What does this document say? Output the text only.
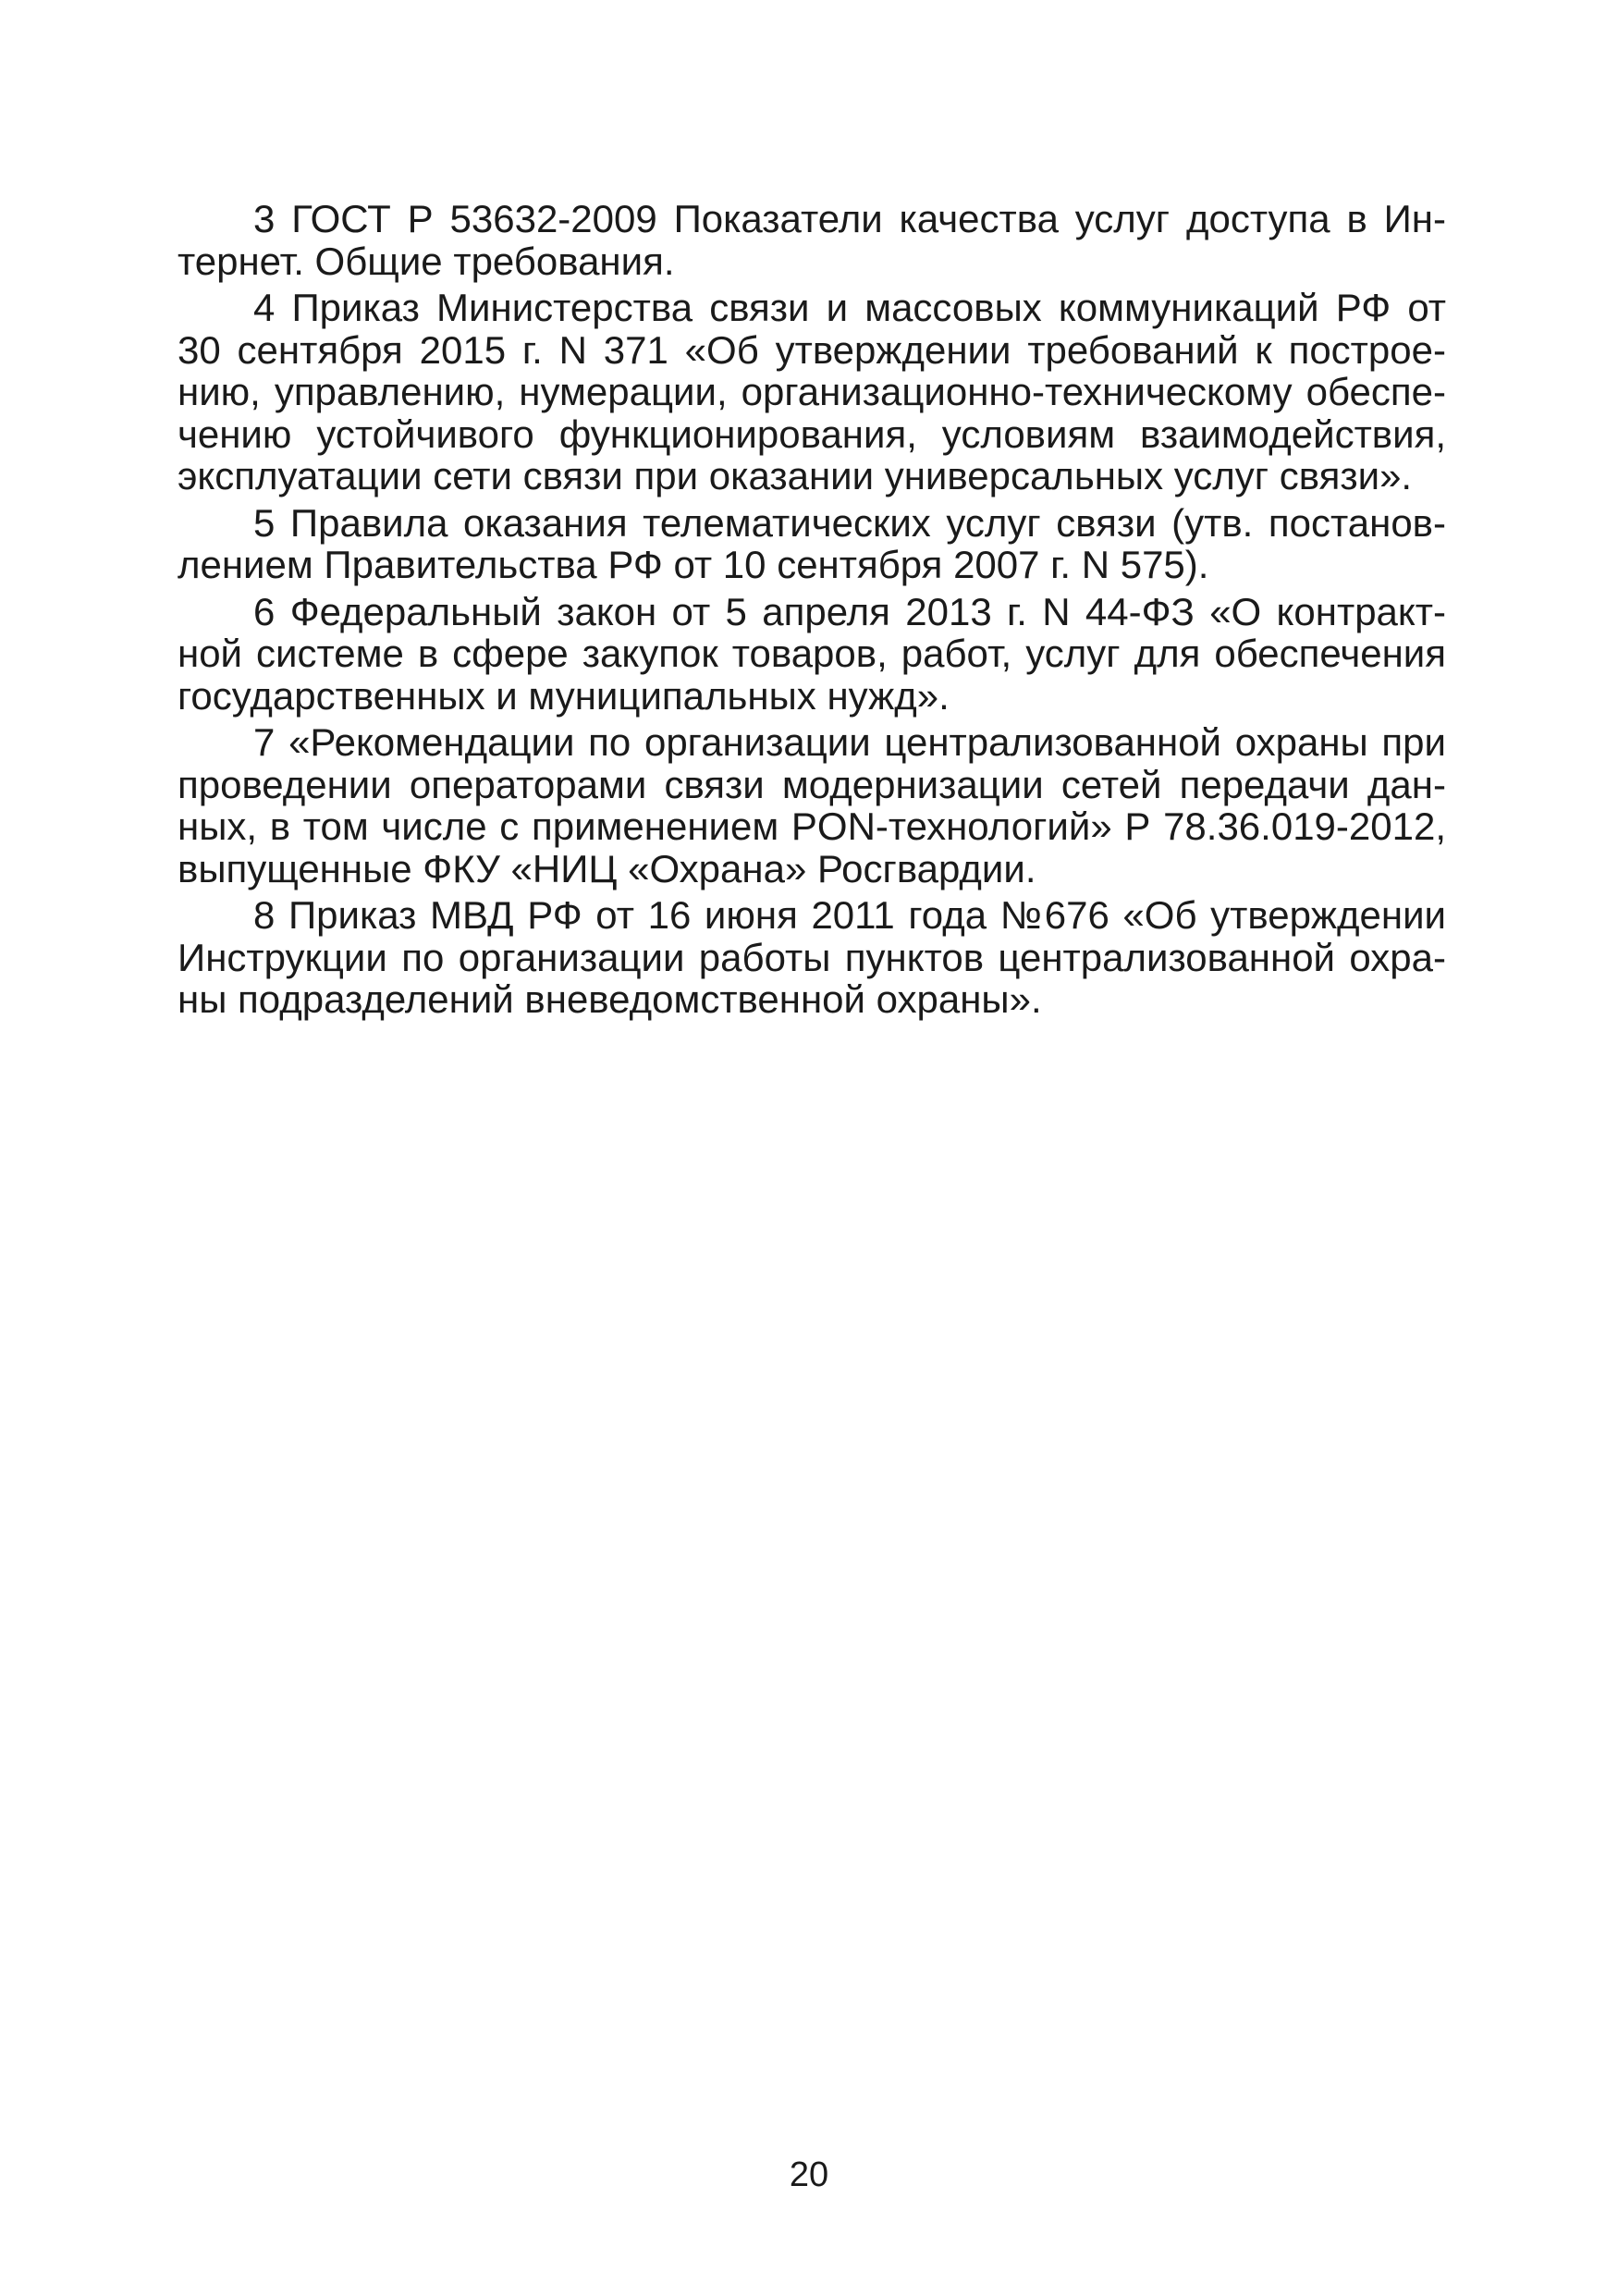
3 ГОСТ Р 53632-2009 Показатели качества услуг доступа в Интернет. Общие требования.

4 Приказ Министерства связи и массовых коммуникаций РФ от 30 сентября 2015 г. N 371 «Об утверждении требований к построению, управлению, нумерации, организационно-техническому обеспечению устойчивого функционирования, условиям взаимодействия, эксплуатации сети связи при оказании универсальных услуг связи».

5 Правила оказания телематических услуг связи (утв. постановлением Правительства РФ от 10 сентября 2007 г. N 575).

6 Федеральный закон от 5 апреля 2013 г. N 44-ФЗ «О контрактной системе в сфере закупок товаров, работ, услуг для обеспечения государственных и муниципальных нужд».

7 «Рекомендации по организации централизованной охраны при проведении операторами связи модернизации сетей передачи данных, в том числе с применением PON-технологий» Р 78.36.019-2012, выпущенные ФКУ «НИЦ «Охрана» Росгвардии.

8 Приказ МВД РФ от 16 июня 2011 года №676 «Об утверждении Инструкции по организации работы пунктов централизованной охраны подразделений вневедомственной охраны».

20
